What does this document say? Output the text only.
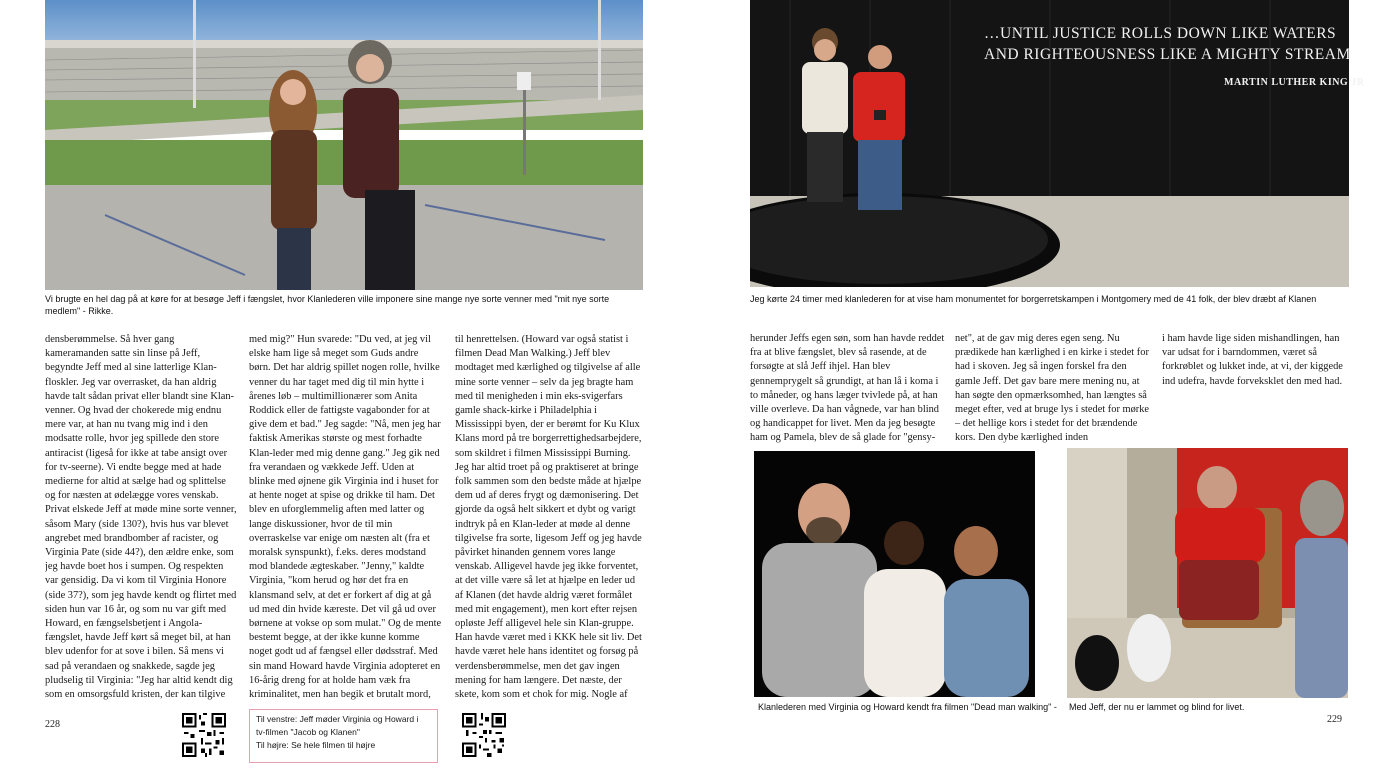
Vi brugte en hel dag på at køre for at besøge Jeff i fængslet, hvor Klanlederen ville imponere sine mange nye sorte venner med "mit nye sorte medlem" - Rikke.
densberømmelse. Så hver gang kameramanden satte sin linse på Jeff, begyndte Jeff med al sine latterlige Klan-floskler. Jeg var overrasket, da han aldrig havde talt sådan privat eller blandt sine Klan-venner. Og hvad der chokerede mig endnu mere var, at han nu tvang mig ind i den modsatte rolle, hvor jeg spillede den store antiracist (ligeså for ikke at tabe ansigt over for tv-seerne). Vi endte begge med at hade medierne for altid at sælge had og splittelse og for næsten at ødelægge vores venskab. Privat elskede Jeff at møde mine sorte venner, såsom Mary (side 130?), hvis hus var blevet angrebet med brandbomber af racister, og Virginia Pate (side 44?), den ældre enke, som jeg havde boet hos i sumpen. Og respekten var gensidig. Da vi kom til Virginia Honore (side 37?), som jeg havde kendt og flirtet med siden hun var 16 år, og som nu var gift med Howard, en fængselsbetjent i Angola-fængslet, havde Jeff kørt så meget bil, at han blev udenfor for at sove i bilen. Så mens vi sad på verandaen og snakkede, sagde jeg pludselig til Virginia: "Jeg har altid kendt dig som en omsorgsfuld kristen, der kan tilgive
med mig?" Hun svarede: "Du ved, at jeg vil elske ham lige så meget som Guds andre børn. Det har aldrig spillet nogen rolle, hvilke venner du har taget med dig til min hytte i årenes løb – multimillionærer som Anita Roddick eller de fattigste vagabonder for at give dem et bad." Jeg sagde: "Nå, men jeg har faktisk Amerikas største og mest forhadte Klan-leder med mig denne gang." Jeg gik ned fra verandaen og vækkede Jeff. Uden at blinke med øjnene gik Virginia ind i huset for at hente noget at spise og drikke til ham. Det blev en uforglemmelig aften med latter og lange diskussioner, hvor de til min overraskelse var enige om næsten alt (fra et moralsk synspunkt), f.eks. deres modstand mod blandede ægteskaber. "Jenny," kaldte Virginia, "kom herud og hør det fra en klansmand selv, at det er forkert af dig at gå ud med din hvide kæreste. Det vil gå ud over børnene at vokse op som mulat." Og de mente bestemt begge, at der ikke kunne komme noget godt ud af fængsel eller dødsstraf. Med sin mand Howard havde Virginia adopteret en 16-årig dreng for at holde ham væk fra kriminalitet, men han begik et brutalt mord,
til henrettelsen. (Howard var også statist i filmen Dead Man Walking.) Jeff blev modtaget med kærlighed og tilgivelse af alle mine sorte venner – selv da jeg bragte ham med til menigheden i min eks-svigerfars gamle shack-kirke i Philadelphia i Mississippi byen, der er berømt for Ku Klux Klans mord på tre borgerrettighedsarbejdere, som skildret i filmen Mississippi Burning. Jeg har altid troet på og praktiseret at bringe folk sammen som den bedste måde at hjælpe dem ud af deres frygt og dæmonisering. Det gjorde da også helt sikkert et dybt og varigt indtryk på en Klan-leder at møde al denne tilgivelse fra sorte, ligesom Jeff og jeg havde påvirket hinanden gennem vores lange venskab. Alligevel havde jeg ikke forventet, at det ville være så let at hjælpe en leder ud af Klanen (det havde aldrig været formålet med mit engagement), men kort efter rejsen opløste Jeff alligevel hele sin Klan-gruppe. Han havde været med i KKK hele sit liv. Det havde været hele hans identitet og forsøg på verdensberømmelse, men det gav ingen mening for ham længere. Det næste, der skete, kom som et chok for mig. Nogle af
228	Til venstre: Jeff møder Virginia og Howard i
tv-filmen "Jacob og Klanen"
Til højre: Se hele filmen til højre
…UNTIL JUSTICE ROLLS DOWN LIKE WATERS
AND RIGHTEOUSNESS LIKE A MIGHTY STREAM
MARTIN LUTHER KING JR
Jeg kørte 24 timer med klanlederen for at vise ham monumentet for borgerretskampen i Montgomery med de 41 folk, der blev dræbt af Klanen
herunder Jeffs egen søn, som han havde reddet fra at blive fængslet, blev så rasende, at de forsøgte at slå Jeff ihjel. Han blev gennemprygelt så grundigt, at han lå i koma i to måneder, og hans læger tvivlede på, at han ville overleve. Da han vågnede, var han blind og handicappet for livet. Men da jeg besøgte ham og Pamela, blev de så glade for "gensy-
net", at de gav mig deres egen seng. Nu prædikede han kærlighed i en kirke i stedet for had i skoven. Jeg så ingen forskel fra den gamle Jeff. Det gav bare mere mening nu, at han søgte den opmærksomhed, han længtes så meget efter, ved at bruge lys i stedet for mørke – det hellige kors i stedet for det brændende kors. Den dybe kærlighed inden
i ham havde lige siden mishandlingen, han var udsat for i barndommen, været så forkrøblet og lukket inde, at vi, der kiggede ind udefra, havde forveksklet den med had.
Klanlederen med Virginia og Howard kendt fra filmen "Dead man walking" -	Med Jeff, der nu er lammet og blind for livet.
229
